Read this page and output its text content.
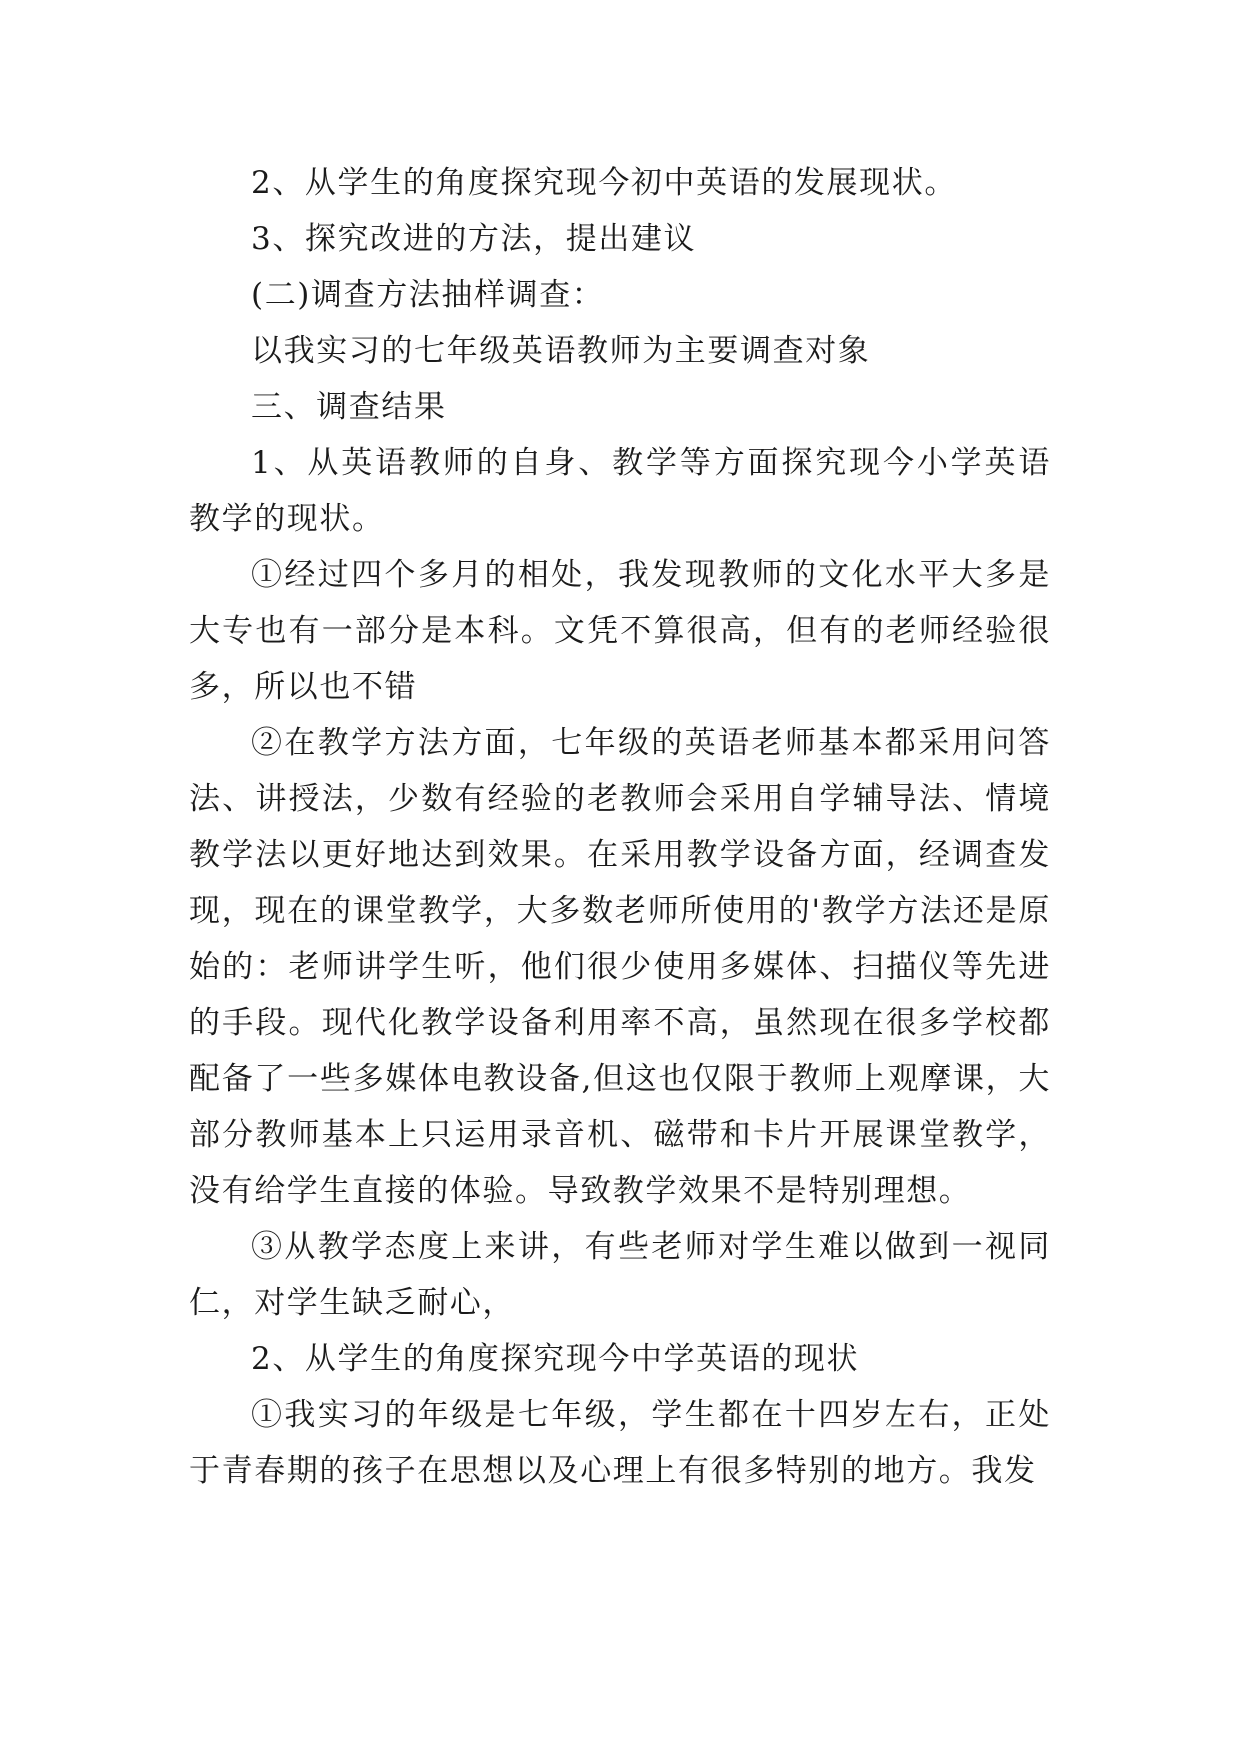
2、从学生的角度探究现今初中英语的发展现状。

3、探究改进的方法，提出建议

(二)调查方法抽样调查：

以我实习的七年级英语教师为主要调查对象

三、调查结果

1、从英语教师的自身、教学等方面探究现今小学英语教学的现状。

①经过四个多月的相处，我发现教师的文化水平大多是大专也有一部分是本科。文凭不算很高，但有的老师经验很多，所以也不错

②在教学方法方面，七年级的英语老师基本都采用问答法、讲授法，少数有经验的老教师会采用自学辅导法、情境教学法以更好地达到效果。在采用教学设备方面，经调查发现，现在的课堂教学，大多数老师所使用的'教学方法还是原始的：老师讲学生听，他们很少使用多媒体、扫描仪等先进的手段。现代化教学设备利用率不高，虽然现在很多学校都配备了一些多媒体电教设备,但这也仅限于教师上观摩课，大部分教师基本上只运用录音机、磁带和卡片开展课堂教学，没有给学生直接的体验。导致教学效果不是特别理想。

③从教学态度上来讲，有些老师对学生难以做到一视同仁，对学生缺乏耐心，

2、从学生的角度探究现今中学英语的现状

①我实习的年级是七年级，学生都在十四岁左右，正处于青春期的孩子在思想以及心理上有很多特别的地方。我发
